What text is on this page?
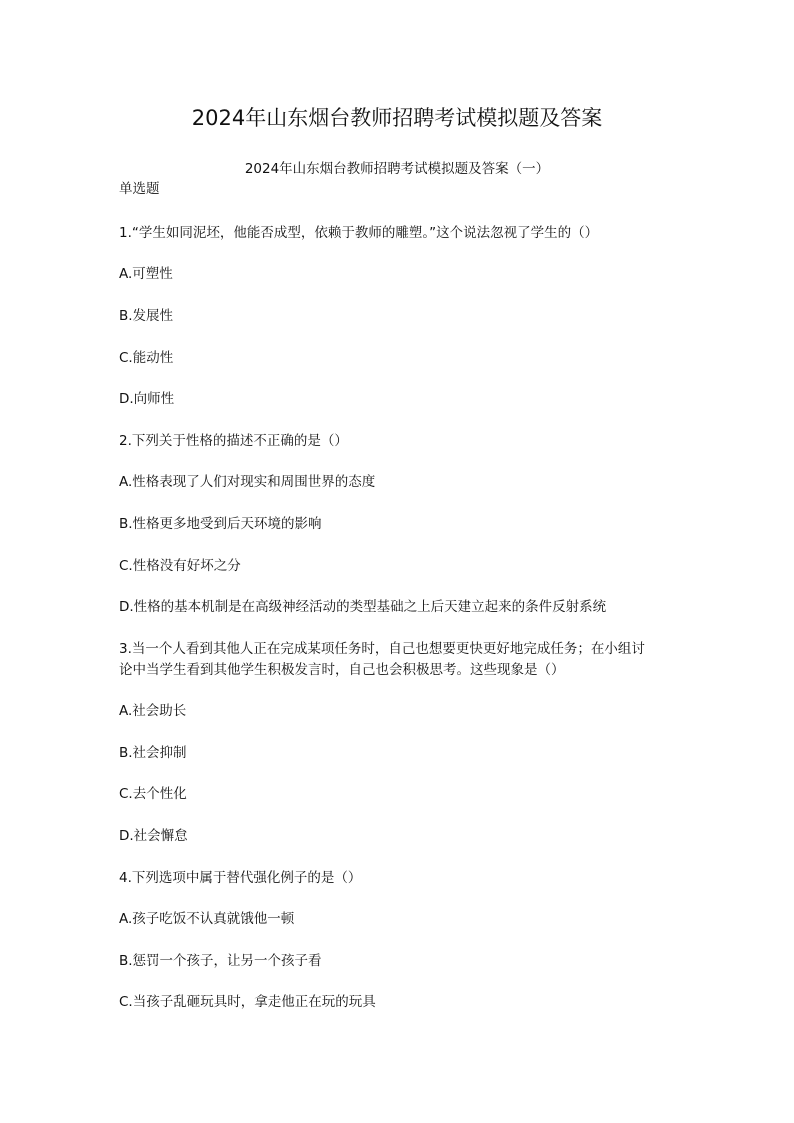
2024年山东烟台教师招聘考试模拟题及答案
2024年山东烟台教师招聘考试模拟题及答案（一）
单选题
1.“学生如同泥坯，他能否成型，依赖于教师的雕塑。”这个说法忽视了学生的（）
A.可塑性
B.发展性
C.能动性
D.向师性
2.下列关于性格的描述不正确的是（）
A.性格表现了人们对现实和周围世界的态度
B.性格更多地受到后天环境的影响
C.性格没有好坏之分
D.性格的基本机制是在高级神经活动的类型基础之上后天建立起来的条件反射系统
3.当一个人看到其他人正在完成某项任务时，自己也想要更快更好地完成任务；在小组讨
论中当学生看到其他学生积极发言时，自己也会积极思考。这些现象是（）
A.社会助长
B.社会抑制
C.去个性化
D.社会懈怠
4.下列选项中属于替代强化例子的是（）
A.孩子吃饭不认真就饿他一顿
B.惩罚一个孩子，让另一个孩子看
C.当孩子乱砸玩具时，拿走他正在玩的玩具
